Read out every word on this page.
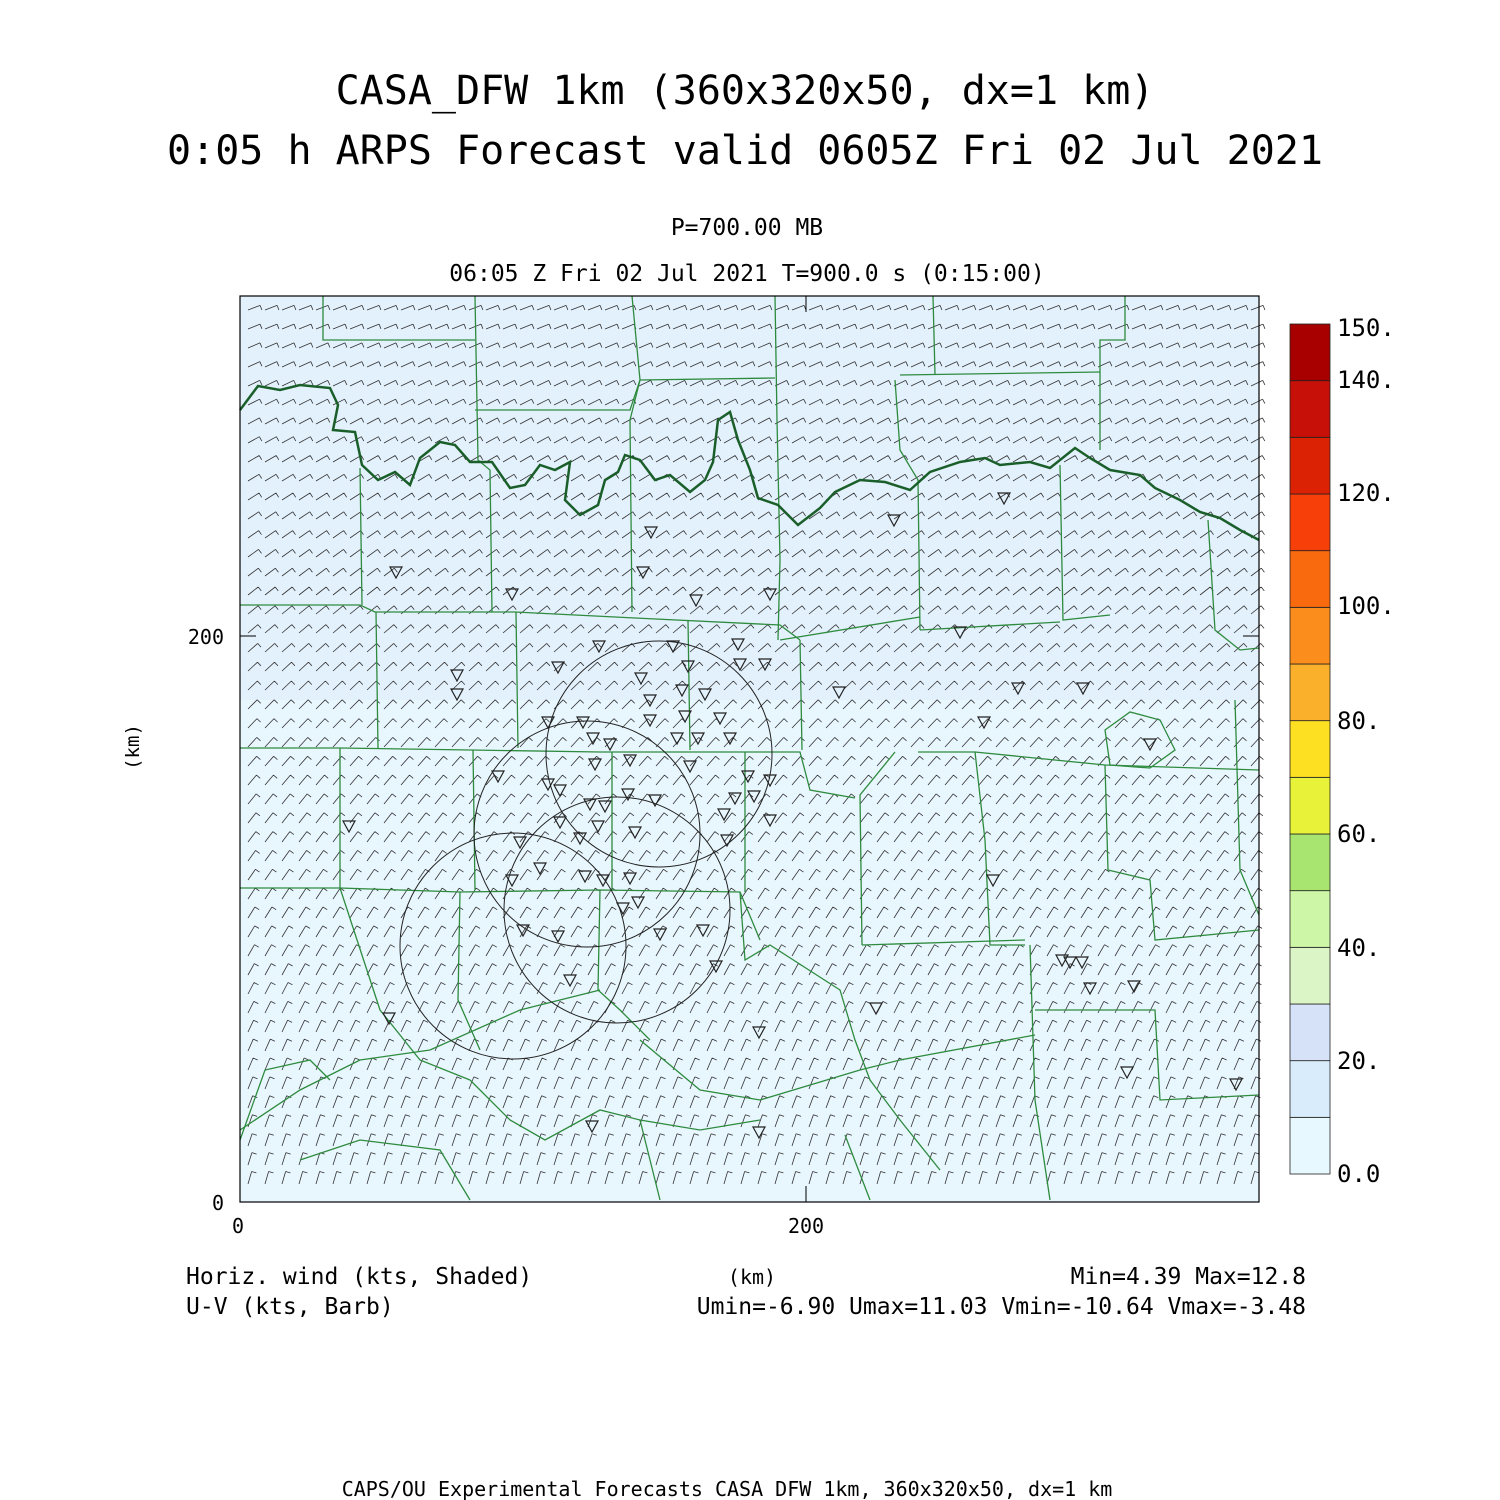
CASA_DFW 1km (360x320x50, dx=1 km)
0:05 h ARPS Forecast valid 0605Z Fri 02 Jul 2021
P=700.00 MB
06:05 Z Fri 02 Jul 2021 T=900.0 s (0:15:00)
200
0
0	200
(km)
150.
140.
120.
100.
80.
60.
40.
20.
0.0
Horiz. wind (kts, Shaded)
U-V (kts, Barb)
(km)	Min=4.39 Max=12.8
Umin=-6.90 Umax=11.03 Vmin=-10.64 Vmax=-3.48
CAPS/OU Experimental Forecasts CASA DFW 1km, 360x320x50, dx=1 km
